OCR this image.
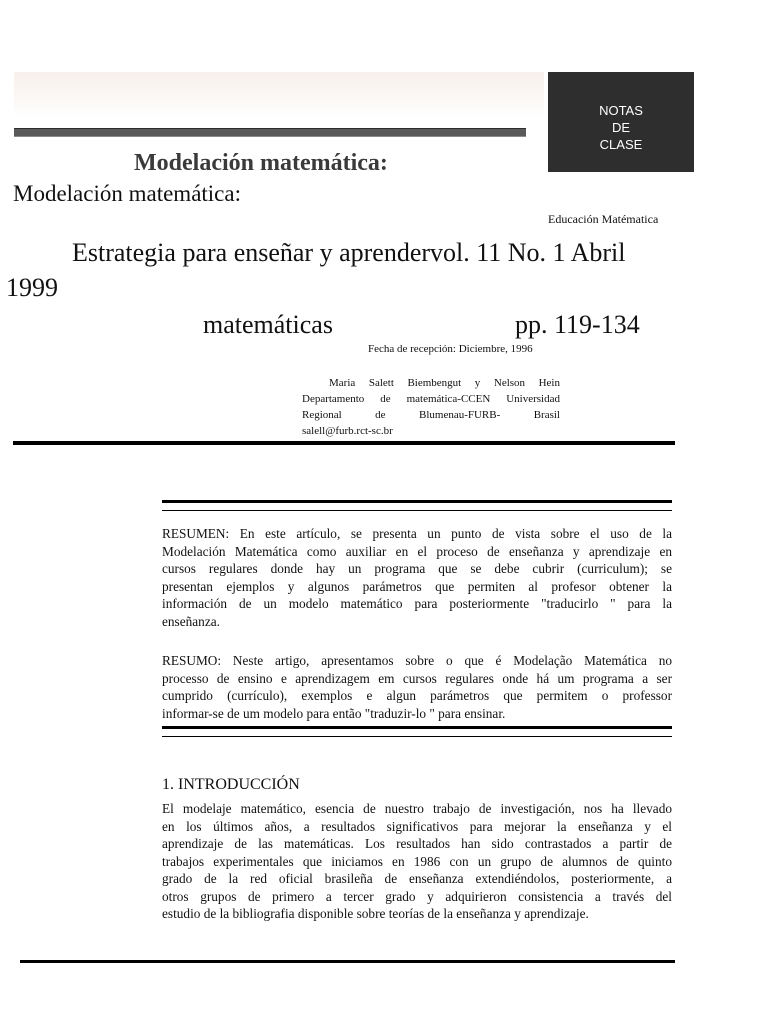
Modelación matemática:
NOTAS
DE
CLASE
Modelación matemática:
Educación Matématica
Estrategia para enseñar y aprendervol. 11 No. 1 Abril
1999
matemáticas	pp. 119-134
Fecha de recepción: Diciembre, 1996
Maria Salett Biembengut y Nelson Hein
Departamento de matemática-CCEN Universidad
Regional de Blumenau-FURB- Brasil
salell@furb.rct-sc.br
RESUMEN: En este artículo, se presenta un punto de vista sobre el uso de la
Modelación Matemática como auxiliar en el proceso de enseñanza y aprendizaje en
cursos regulares donde hay un programa que se debe cubrir (curriculum); se
presentan ejemplos y algunos parámetros que permiten al profesor obtener la
información de un modelo matemático para posteriormente "traducirlo " para la
enseñanza.
RESUMO: Neste artigo, apresentamos sobre o que é Modelação Matemática no
processo de ensino e aprendizagem em cursos regulares onde há um programa a ser
cumprido (currículo), exemplos e algun parámetros que permitem o professor
informar-se de um modelo para então "traduzir-lo " para ensinar.
1. INTRODUCCIÓN
El modelaje matemático, esencia de nuestro trabajo de investigación, nos ha llevado
en los últimos años, a resultados significativos para mejorar la enseñanza y el
aprendizaje de las matemáticas. Los resultados han sido contrastados a partir de
trabajos experimentales que iniciamos en 1986 con un grupo de alumnos de quinto
grado de la red oficial brasileña de enseñanza extendiéndolos, posteriormente, a
otros grupos de primero a tercer grado y adquirieron consistencia a través del
estudio de la bibliografia disponible sobre teorías de la enseñanza y aprendizaje.
